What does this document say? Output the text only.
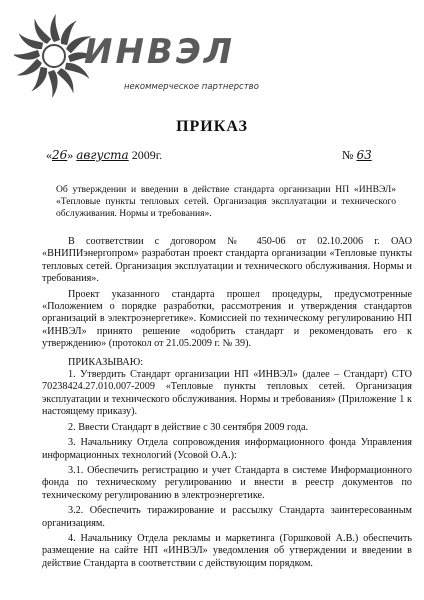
ИНВЭЛ
некоммерческое партнерство
ПРИКАЗ
«26» августа 2009г.	№ 63
Об утверждении и введении в действие стандарта организации НП «ИНВЭЛ» «Тепловые пункты тепловых сетей. Организация эксплуатации и технического обслуживания. Нормы и требования».

В соответствии с договором № 450-06 от 02.10.2006 г. ОАО «ВНИПИэнергопром» разработан проект стандарта организации «Тепловые пункты тепловых сетей. Организация эксплуатации и технического обслуживания. Нормы и требования».

Проект указанного стандарта прошел процедуры, предусмотренные «Положением о порядке разработки, рассмотрения и утверждения стандартов организаций в электроэнергетике». Комиссией по техническому регулированию НП «ИНВЭЛ» принято решение «одобрить стандарт и рекомендовать его к утверждению» (протокол от 21.05.2009 г. № 39).

ПРИКАЗЫВАЮ:

1. Утвердить Стандарт организации НП «ИНВЭЛ» (далее – Стандарт) СТО 70238424.27.010.007-2009 «Тепловые пункты тепловых сетей. Организация эксплуатации и технического обслуживания. Нормы и требования» (Приложение 1 к настоящему приказу).

2. Ввести Стандарт в действие с 30 сентября 2009 года.

3. Начальнику Отдела сопровождения информационного фонда Управления информационных технологий (Усовой О.А.):

3.1. Обеспечить регистрацию и учет Стандарта в системе Информационного фонда по техническому регулированию и внести в реестр документов по техническому регулированию в электроэнергетике.

3.2. Обеспечить тиражирование и рассылку Стандарта заинтересованным организациям.

4. Начальнику Отдела рекламы и маркетинга (Горшковой А.В.) обеспечить размещение на сайте НП «ИНВЭЛ» уведомления об утверждении и введении в действие Стандарта в соответствии с действующим порядком.
